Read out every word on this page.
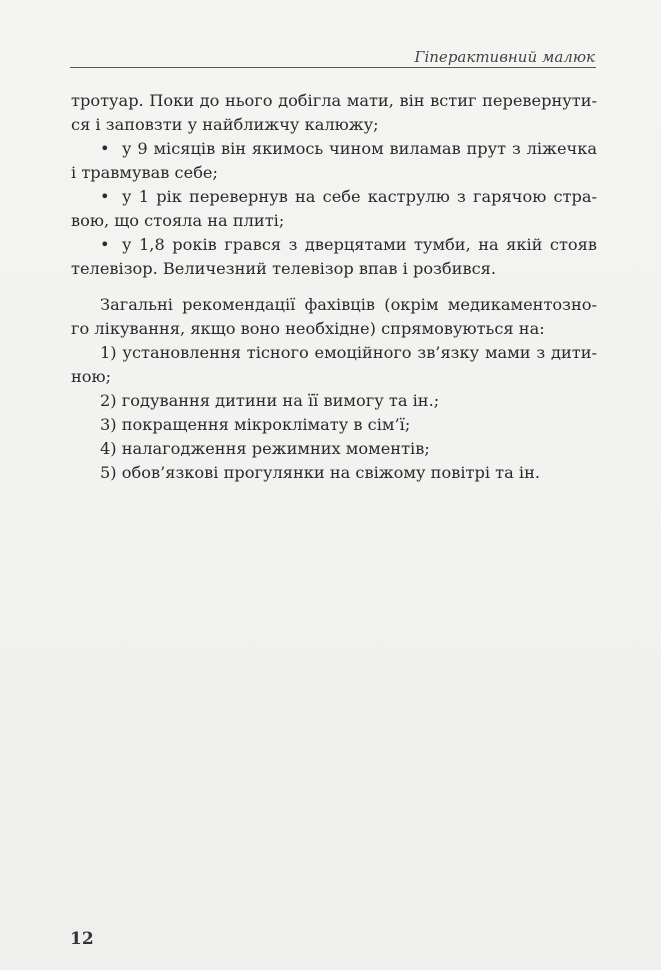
Гіперактивний малюк
тротуар. Поки до нього добігла мати, він встиг перевернути-
ся і заповзти у найближчу калюжу;
• у 9 місяців він якимось чином виламав прут з ліжечка
і травмував себе;
• у 1 рік перевернув на себе каструлю з гарячою стра-
вою, що стояла на плиті;
• у 1,8 років грався з дверцятами тумби, на якій стояв
телевізор. Величезний телевізор впав і розбився.
Загальні рекомендації фахівців (окрім медикаментозно-
го лікування, якщо воно необхідне) спрямовуються на:
1) установлення тісного емоційного зв’язку мами з дити-
ною;
2) годування дитини на її вимогу та ін.;
3) покращення мікроклімату в сім’ї;
4) налагодження режимних моментів;
5) обов’язкові прогулянки на свіжому повітрі та ін.
12
